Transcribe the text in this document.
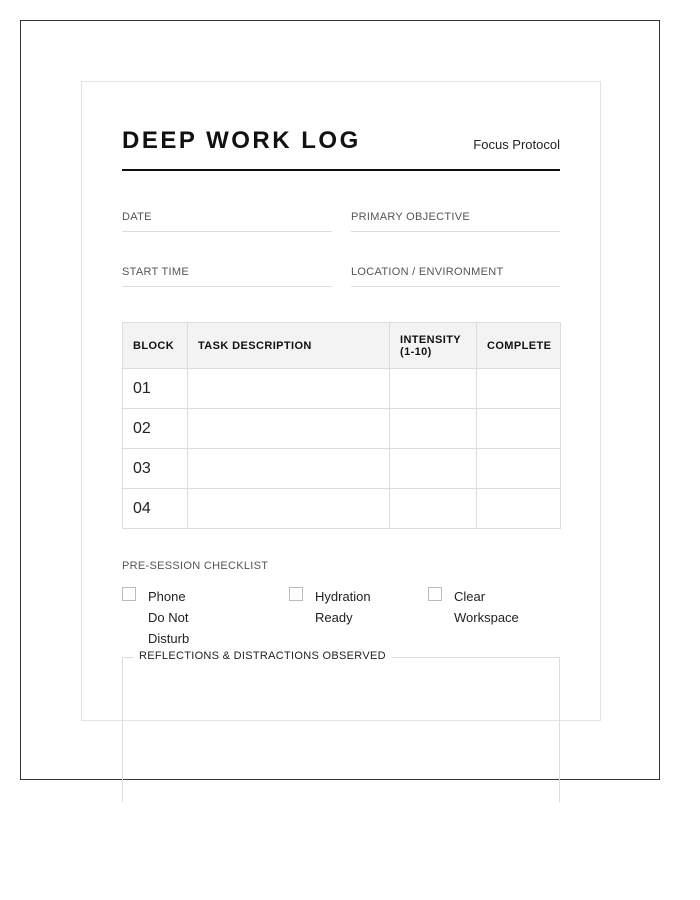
DEEP WORK LOG	Focus Protocol
DATE	PRIMARY OBJECTIVE
START TIME	LOCATION / ENVIRONMENT
BLOCK	TASK DESCRIPTION	INTENSITY (1-10)	COMPLETE
01			
02			
03			
04			
PRE-SESSION CHECKLIST
Phone Do Not
Disturb
Hydration
Ready
Clear
Workspace
REFLECTIONS & DISTRACTIONS OBSERVED
